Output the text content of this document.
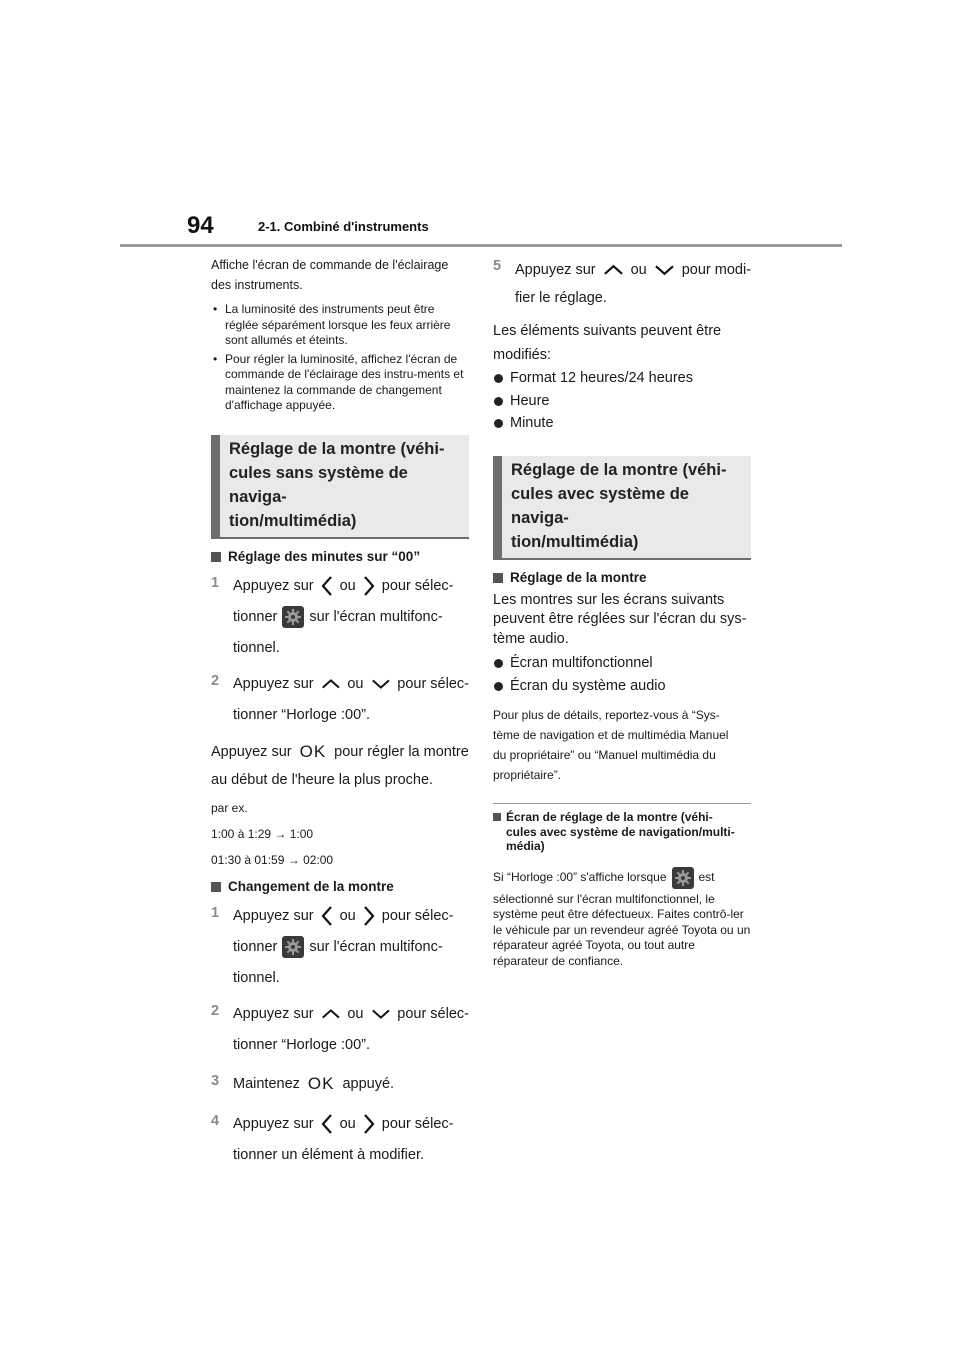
94	2-1. Combiné d'instruments

Affiche l'écran de commande de l'éclairage

des instruments.

• La luminosité des instruments peut être réglée séparément lorsque les feux arrière sont allumés et éteints.
• Pour régler la luminosité, affichez l'écran de commande de l'éclairage des instru-ments et maintenez la commande de changement d'affichage appuyée.
Réglage de la montre (véhi-
cules sans système de naviga-
tion/multimédia)
Réglage des minutes sur “00”
1 Appuyez sur ou pour sélec-
tionner sur l'écran multifonc-
tionnel.
2 Appuyez sur ou pour sélec-
tionner “Horloge :00”.
Appuyez sur OK pour régler la montre
au début de l'heure la plus proche.

par ex.

1:00 à 1:29 → 1:00

01:30 à 01:59 → 02:00

Changement de la montre
1 Appuyez sur ou pour sélec-
tionner sur l'écran multifonc-
tionnel.
2 Appuyez sur ou pour sélec-
tionner “Horloge :00”.
3 Maintenez OK appuyé.
4 Appuyez sur ou pour sélec-
tionner un élément à modifier.
5 Appuyez sur ou pour modi-
fier le réglage.

Les éléments suivants peuvent être

modifiés:

Format 12 heures/24 heures

Heure

Minute

Réglage de la montre (véhi-
cules avec système de naviga-
tion/multimédia)
Réglage de la montre

Les montres sur les écrans suivants

peuvent être réglées sur l'écran du sys-

tème audio.

Écran multifonctionnel

Écran du système audio

Pour plus de détails, reportez-vous à “Sys-

tème de navigation et de multimédia Manuel

du propriétaire” ou “Manuel multimédia du

propriétaire”.

Écran de réglage de la montre (véhi-
cules avec système de navigation/multi-
média)
Si “Horloge :00” s'affiche lorsque	est
sélectionné sur l'écran multifonctionnel, le système peut être défectueux. Faites contrô-ler le véhicule par un revendeur agréé Toyota ou un réparateur agréé Toyota, ou tout autre réparateur de confiance.
